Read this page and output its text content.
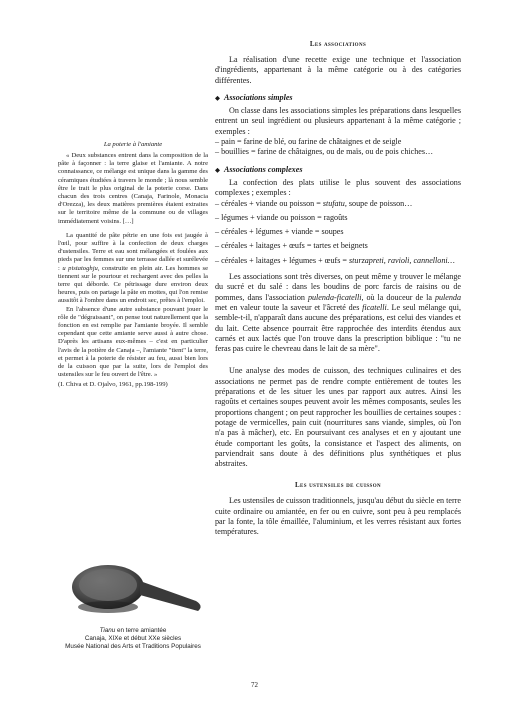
La poterie à l'amiante

« Deux substances entrent dans la composition de la pâte à façonner : la terre glaise et l'amiante. A notre connaissance, ce mélange est unique dans la gamme des céramiques étudiées à travers le monde ; là nous semble être le trait le plus original de la poterie corse. Dans chacun des trois centres (Canaja, Farinole, Monacia d'Orezza), les deux matières premières étaient extraites sur le territoire même de la commune ou de villages immédiatement voisins. […]

La quantité de pâte pétrie en une fois est jaugée à l'œil, pour suffire à la confection de deux charges d'ustensiles. Terre et eau sont mélangées et foulées aux pieds par les femmes sur une terrasse dallée et surélevée : u pistatoghju, construite en plein air. Les hommes se tiennent sur le pourtour et rechargent avec des pelles la terre qui déborde. Ce pétrissage dure environ deux heures, puis on partage la pâte en mottes, qui l'on remise aussitôt à l'ombre dans un endroit sec, prêtes à l'emploi.

En l'absence d'une autre substance pouvant jouer le rôle de "dégraissant", on pense tout naturellement que la fonction en est remplie par l'amiante broyée. Il semble cependant que cette amiante serve aussi à autre chose. D'après les artisans eux-mêmes – c'est en particulier l'avis de la potière de Canaja –, l'amiante "tient" la terre, et permet à la poterie de résister au feu, aussi bien lors de la cuisson que par la suite, lors de l'emploi des ustensiles sur le feu ouvert de l'être. »

(I. Chiva et D. Ojalvo, 1961, pp.198-199)
Tianu en terre amiantée
Canaja, XIXe et début XXe siècles
Musée National des Arts et Traditions Populaires
Les associations

La réalisation d'une recette exige une technique et l'association d'ingrédients, appartenant à la même catégorie ou à des catégories différentes.

◆ Associations simples

On classe dans les associations simples les préparations dans lesquelles entrent un seul ingrédient ou plusieurs appartenant à la même catégorie ; exemples :

– pain = farine de blé, ou farine de châtaignes et de seigle

– bouillies = farine de châtaignes, ou de maïs, ou de pois chiches…

◆ Associations complexes

La confection des plats utilise le plus souvent des associations complexes ; exemples :

– céréales + viande ou poisson = stufatu, soupe de poisson…

– légumes + viande ou poisson = ragoûts

– céréales + légumes + viande = soupes

– céréales + laitages + œufs = tartes et beignets

– céréales + laitages + légumes + œufs = sturzapreti, ravioli, cannelloni…

Les associations sont très diverses, on peut même y trouver le mélange du sucré et du salé : dans les boudins de porc farcis de raisins ou de pommes, dans l'association pulenda-ficatelli, où la douceur de la pulenda met en valeur toute la saveur et l'âcreté des ficatelli. Le seul mélange qui, semble-t-il, n'apparaît dans aucune des préparations, est celui des viandes et du lait. Cette absence pourrait être rapprochée des interdits étendus aux carnés et aux lactés que l'on trouve dans la prescription biblique : "tu ne feras pas cuire le chevreau dans le lait de sa mère".

Une analyse des modes de cuisson, des techniques culinaires et des associations ne permet pas de rendre compte entièrement de toutes les préparations et de les situer les unes par rapport aux autres. Ainsi les ragoûts et certaines soupes peuvent avoir les mêmes composants, seules les proportions changent ; on peut rapprocher les bouillies de certaines soupes : potage de vermicelles, pain cuit (nourritures sans viande, simples, où l'on n'a pas à mâcher), etc. En poursuivant ces analyses et en y ajoutant une étude comportant les goûts, la consistance et l'aspect des aliments, on parviendrait sans doute à des définitions plus synthétiques et plus abstraites.

Les ustensiles de cuisson

Les ustensiles de cuisson traditionnels, jusqu'au début du siècle en terre cuite ordinaire ou amiantée, en fer ou en cuivre, sont peu à peu remplacés par la fonte, la tôle émaillée, l'aluminium, et les verres résistant aux fortes températures.

72
